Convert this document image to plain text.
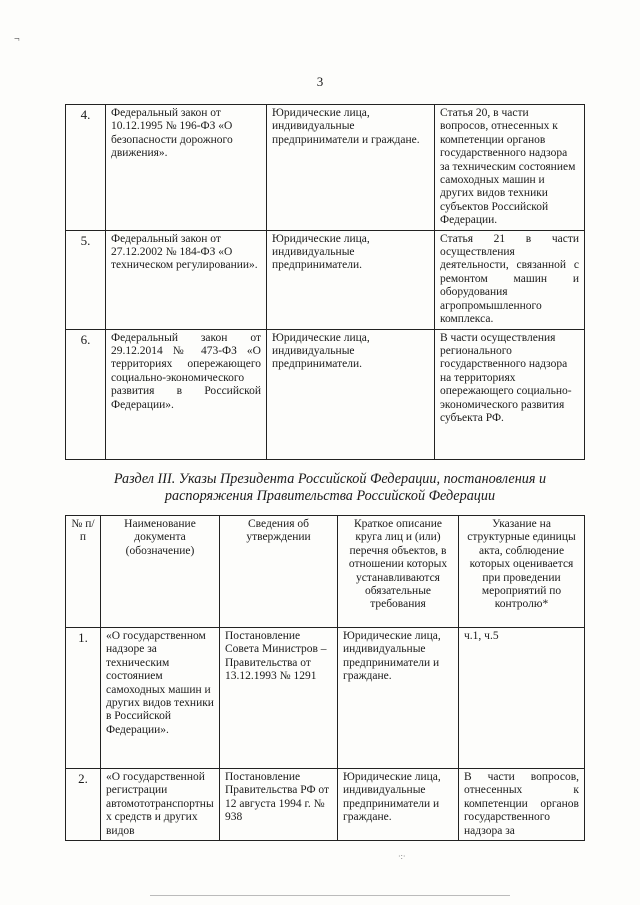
¬
3
4.	Федеральный закон от 10.12.1995 № 196-ФЗ «О безопасности дорожного движения».	Юридические лица, индивидуальные предприниматели и граждане.	Статья 20, в части вопросов, отнесенных к компетенции органов государственного надзора за техническим состоянием самоходных машин и других видов техники субъектов Российской Федерации.
5.	Федеральный закон от 27.12.2002 № 184-ФЗ «О техническом регулировании».	Юридические лица, индивидуальные предприниматели.	Статья 21 в части осуществления деятельности, связанной с ремонтом машин и оборудования агропромышленного комплекса.
6.	Федеральный закон от 29.12.2014 № 473-ФЗ «О территориях опережающего социально-экономического развития в Российской Федерации».	Юридические лица, индивидуальные предприниматели.	В части осуществления регионального государственного надзора на территориях опережающего социально-экономического развития субъекта РФ.
Раздел III. Указы Президента Российской Федерации, постановления и распоряжения Правительства Российской Федерации
№ п/п	Наименование документа (обозначение)	Сведения об утверждении	Краткое описание круга лиц и (или) перечня объектов, в отношении которых устанавливаются обязательные требования	Указание на структурные единицы акта, соблюдение которых оценивается при проведении мероприятий по контролю*
1.	«О государственном надзоре за техническим состоянием самоходных машин и других видов техники в Российской Федерации».	Постановление Совета Министров – Правительства от 13.12.1993 № 1291	Юридические лица, индивидуальные предприниматели и граждане.	ч.1, ч.5
2.	«О государственной регистрации автомототранспортных средств и других видов	Постановление Правительства РФ от 12 августа 1994 г. № 938	Юридические лица, индивидуальные предприниматели и граждане.	В части вопросов, отнесенных к компетенции органов государственного надзора за
·:·
